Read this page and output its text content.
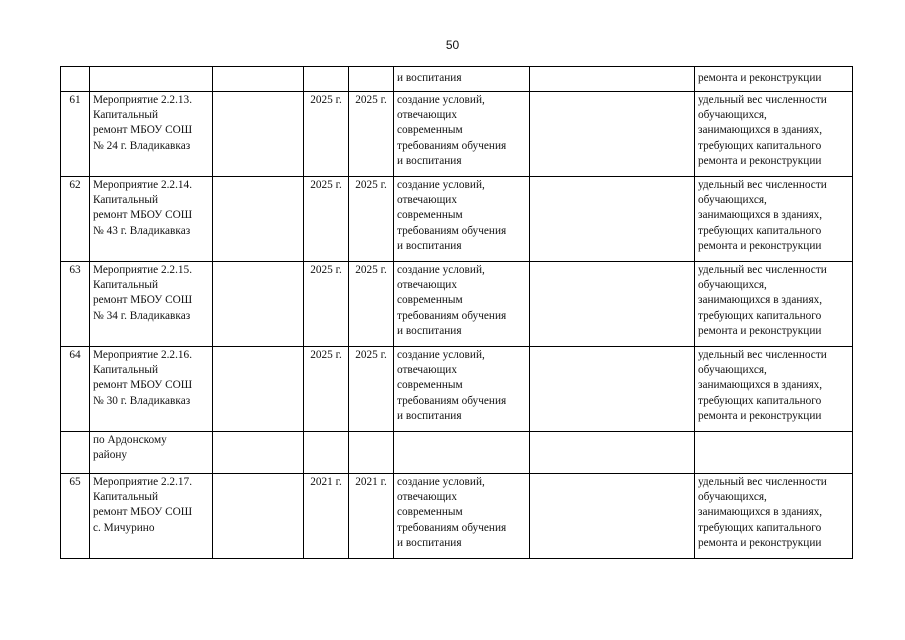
50
					и воспитания		ремонта и реконструкции
61	Мероприятие 2.2.13.
Капитальный
ремонт МБОУ СОШ
№ 24 г. Владикавказ		2025 г.	2025 г.	создание условий,
отвечающих
современным
требованиям обучения
и воспитания		удельный вес численности
обучающихся,
занимающихся в зданиях,
требующих капитального
ремонта и реконструкции
62	Мероприятие 2.2.14.
Капитальный
ремонт МБОУ СОШ
№ 43 г. Владикавказ		2025 г.	2025 г.	создание условий,
отвечающих
современным
требованиям обучения
и воспитания		удельный вес численности
обучающихся,
занимающихся в зданиях,
требующих капитального
ремонта и реконструкции
63	Мероприятие 2.2.15.
Капитальный
ремонт МБОУ СОШ
№ 34 г. Владикавказ		2025 г.	2025 г.	создание условий,
отвечающих
современным
требованиям обучения
и воспитания		удельный вес численности
обучающихся,
занимающихся в зданиях,
требующих капитального
ремонта и реконструкции
64	Мероприятие 2.2.16.
Капитальный
ремонт МБОУ СОШ
№ 30 г. Владикавказ		2025 г.	2025 г.	создание условий,
отвечающих
современным
требованиям обучения
и воспитания		удельный вес численности
обучающихся,
занимающихся в зданиях,
требующих капитального
ремонта и реконструкции
	по Ардонскому
району						
65	Мероприятие 2.2.17.
Капитальный
ремонт МБОУ СОШ
с. Мичурино		2021 г.	2021 г.	создание условий,
отвечающих
современным
требованиям обучения
и воспитания		удельный вес численности
обучающихся,
занимающихся в зданиях,
требующих капитального
ремонта и реконструкции
